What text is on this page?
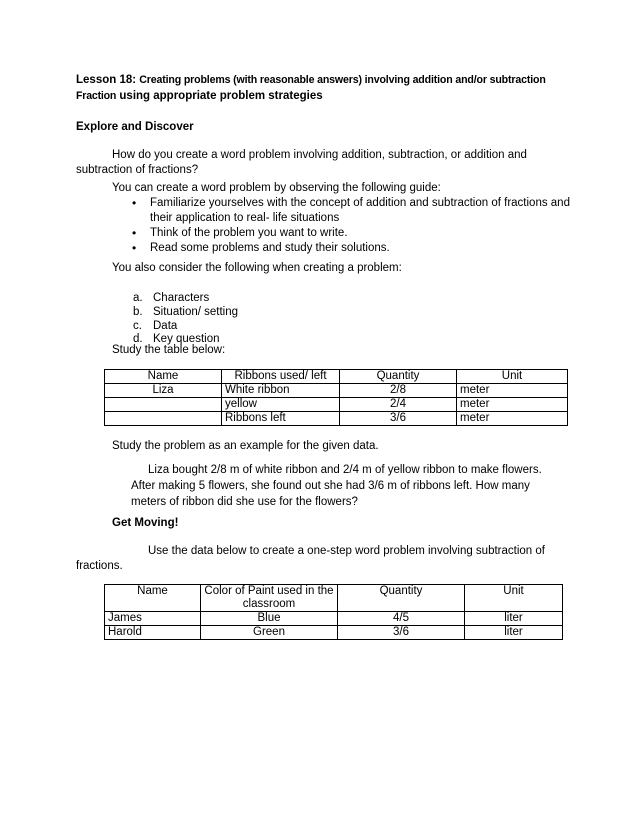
Lesson 18: Creating problems (with reasonable answers) involving addition and/or subtraction
Fraction using appropriate problem strategies
Explore and Discover
How do you create a word problem involving addition, subtraction, or addition and
subtraction of fractions?
You can create a word problem by observing the following guide:
• Familiarize yourselves with the concept of addition and subtraction of fractions and their application to real- life situations
• Think of the problem you want to write.
• Read some problems and study their solutions.
You also consider the following when creating a problem:
a. Characters
b. Situation/ setting
c. Data
d. Key question
Study the table below:
Name	Ribbons used/ left	Quantity	Unit
Liza	White ribbon	2/8	meter
	yellow	2/4	meter
	Ribbons left	3/6	meter
Study the problem as an example for the given data.
Liza bought 2/8 m of white ribbon and 2/4 m of yellow ribbon to make flowers.
After making 5 flowers, she found out she had 3/6 m of ribbons left. How many
meters of ribbon did she use for the flowers?
Get Moving!
Use the data below to create a one-step word problem involving subtraction of
fractions.
Name	Color of Paint used in the classroom	Quantity	Unit
James	Blue	4/5	liter
Harold	Green	3/6	liter
